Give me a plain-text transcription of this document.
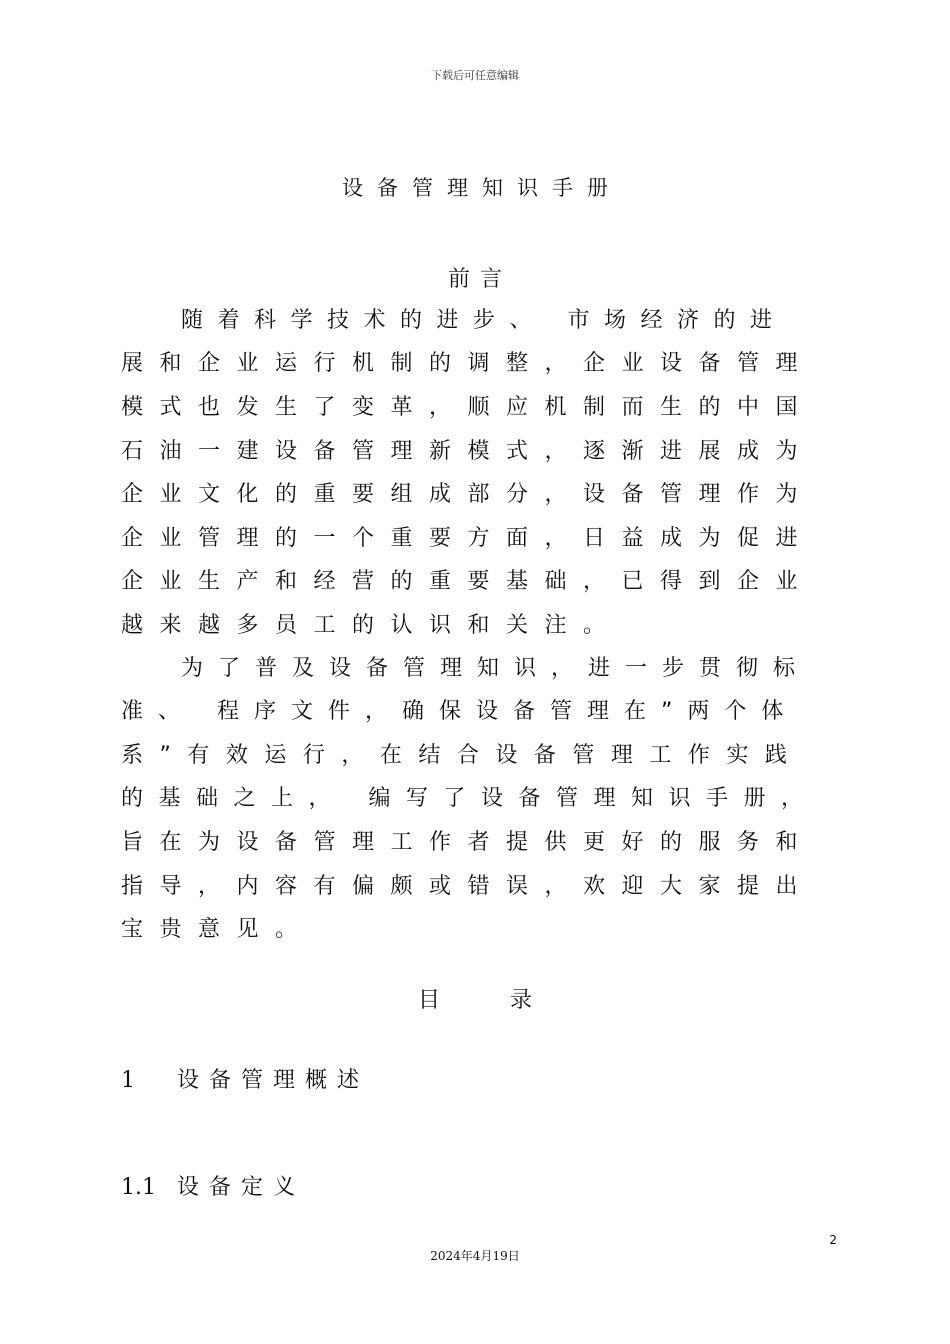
下载后可任意编辑
设备管理知识手册
前言
随着科学技术的进步、 市场经济的进
展和企业运行机制的调整，企业设备管理
模式也发生了变革，顺应机制而生的中国
石油一建设备管理新模式，逐渐进展成为
企业文化的重要组成部分，设备管理作为
企业管理的一个重要方面，日益成为促进
企业生产和经营的重要基础，已得到企业
越来越多员工的认识和关注。
为了普及设备管理知识，进一步贯彻标
准、 程序文件，确保设备管理在”两个体
系”有效运行，在结合设备管理工作实践
的基础之上， 编写了设备管理知识手册，
旨在为设备管理工作者提供更好的服务和
指导，内容有偏颇或错误，欢迎大家提出
宝贵意见。
目	录
1 设备管理概述
1.1 设备定义
2
2024年4月19日
